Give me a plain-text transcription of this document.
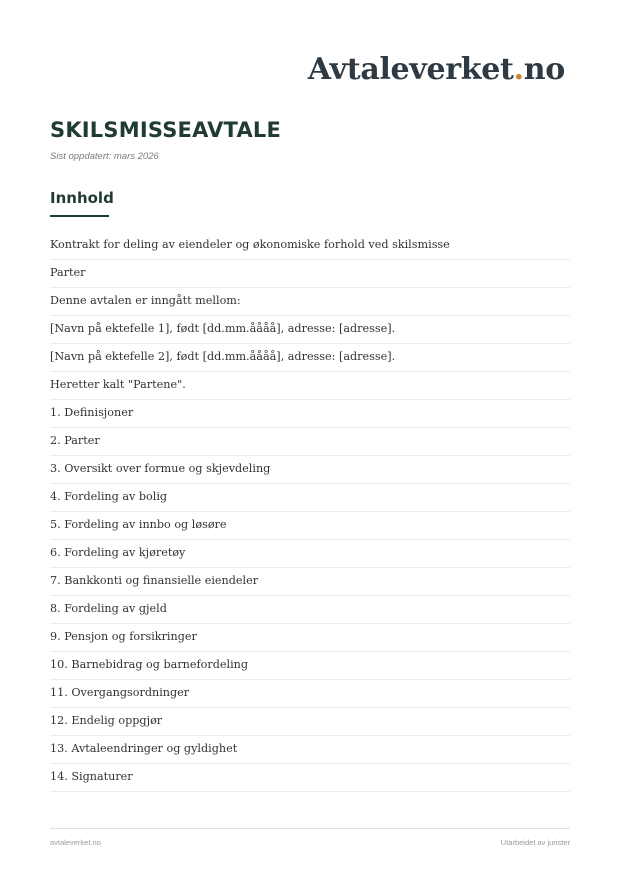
Avtaleverket.no
SKILSMISSEAVTALE
Sist oppdatert: mars 2026
Innhold
Kontrakt for deling av eiendeler og økonomiske forhold ved skilsmisse
Parter
Denne avtalen er inngått mellom:
[Navn på ektefelle 1], født [dd.mm.åååå], adresse: [adresse].
[Navn på ektefelle 2], født [dd.mm.åååå], adresse: [adresse].
Heretter kalt "Partene".
1. Definisjoner
2. Parter
3. Oversikt over formue og skjevdeling
4. Fordeling av bolig
5. Fordeling av innbo og løsøre
6. Fordeling av kjøretøy
7. Bankkonti og finansielle eiendeler
8. Fordeling av gjeld
9. Pensjon og forsikringer
10. Barnebidrag og barnefordeling
11. Overgangsordninger
12. Endelig oppgjør
13. Avtaleendringer og gyldighet
14. Signaturer
avtaleverket.no	Utarbeidet av jurister
